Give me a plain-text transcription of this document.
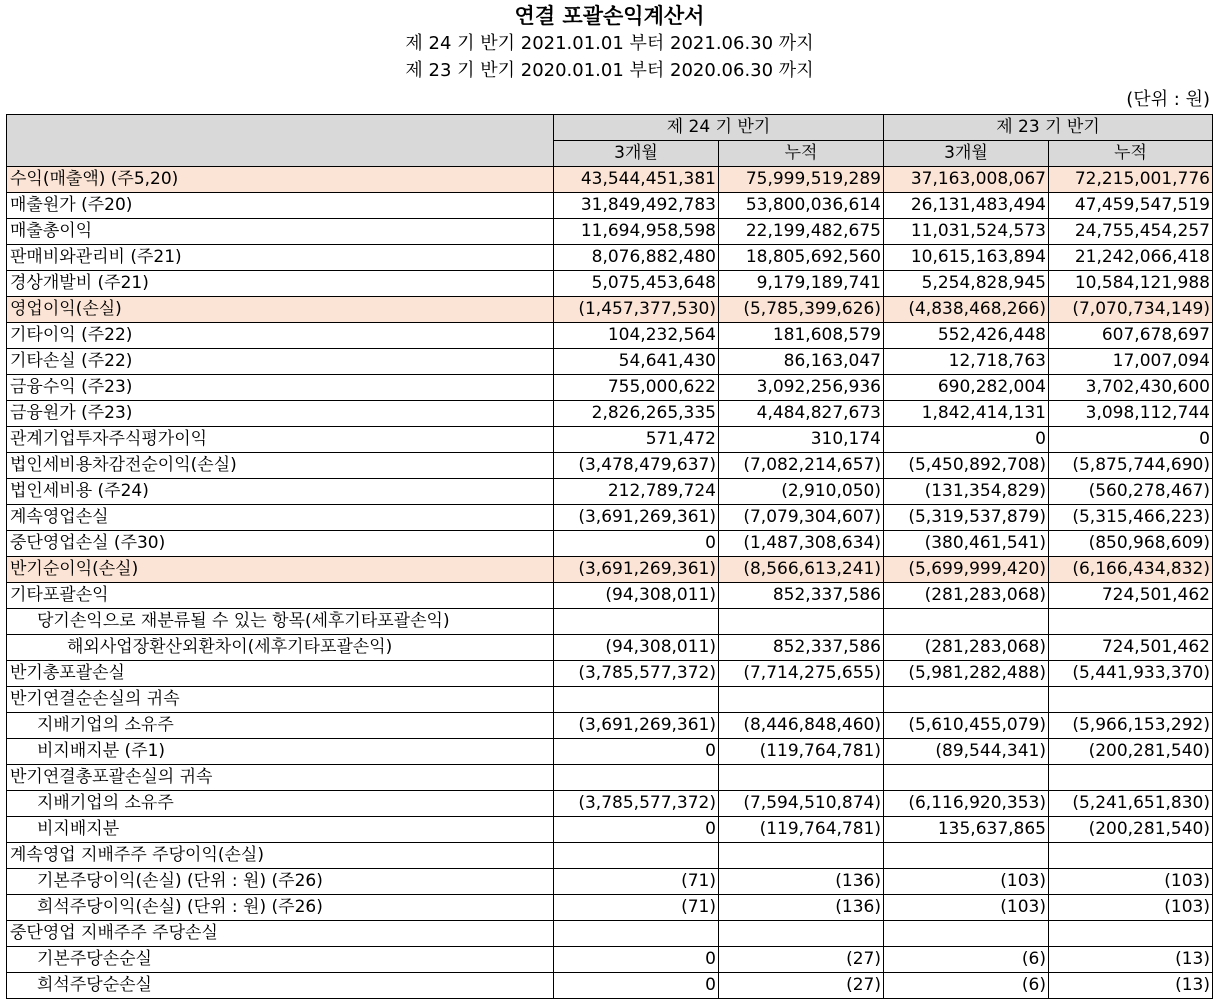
연결 포괄손익계산서
제 24 기 반기 2021.01.01 부터 2021.06.30 까지
제 23 기 반기 2020.01.01 부터 2020.06.30 까지
(단위 : 원)
	제 24 기 반기		제 23 기 반기	
	3개월	누적	3개월	누적
수익(매출액) (주5,20)	43,544,451,381	75,999,519,289	37,163,008,067	72,215,001,776
매출원가 (주20)	31,849,492,783	53,800,036,614	26,131,483,494	47,459,547,519
매출총이익	11,694,958,598	22,199,482,675	11,031,524,573	24,755,454,257
판매비와관리비 (주21)	8,076,882,480	18,805,692,560	10,615,163,894	21,242,066,418
경상개발비 (주21)	5,075,453,648	9,179,189,741	5,254,828,945	10,584,121,988
영업이익(손실)	(1,457,377,530)	(5,785,399,626)	(4,838,468,266)	(7,070,734,149)
기타이익 (주22)	104,232,564	181,608,579	552,426,448	607,678,697
기타손실 (주22)	54,641,430	86,163,047	12,718,763	17,007,094
금융수익 (주23)	755,000,622	3,092,256,936	690,282,004	3,702,430,600
금융원가 (주23)	2,826,265,335	4,484,827,673	1,842,414,131	3,098,112,744
관계기업투자주식평가이익	571,472	310,174	0	0
법인세비용차감전순이익(손실)	(3,478,479,637)	(7,082,214,657)	(5,450,892,708)	(5,875,744,690)
법인세비용 (주24)	212,789,724	(2,910,050)	(131,354,829)	(560,278,467)
계속영업손실	(3,691,269,361)	(7,079,304,607)	(5,319,537,879)	(5,315,466,223)
중단영업손실 (주30)	0	(1,487,308,634)	(380,461,541)	(850,968,609)
반기순이익(손실)	(3,691,269,361)	(8,566,613,241)	(5,699,999,420)	(6,166,434,832)
기타포괄손익	(94,308,011)	852,337,586	(281,283,068)	724,501,462
당기손익으로 재분류될 수 있는 항목(세후기타포괄손익)				
해외사업장환산외환차이(세후기타포괄손익)	(94,308,011)	852,337,586	(281,283,068)	724,501,462
반기총포괄손실	(3,785,577,372)	(7,714,275,655)	(5,981,282,488)	(5,441,933,370)
반기연결순손실의 귀속				
지배기업의 소유주	(3,691,269,361)	(8,446,848,460)	(5,610,455,079)	(5,966,153,292)
비지배지분 (주1)	0	(119,764,781)	(89,544,341)	(200,281,540)
반기연결총포괄손실의 귀속				
지배기업의 소유주	(3,785,577,372)	(7,594,510,874)	(6,116,920,353)	(5,241,651,830)
비지배지분	0	(119,764,781)	135,637,865	(200,281,540)
계속영업 지배주주 주당이익(손실)				
기본주당이익(손실) (단위 : 원) (주26)	(71)	(136)	(103)	(103)
희석주당이익(손실) (단위 : 원) (주26)	(71)	(136)	(103)	(103)
중단영업 지배주주 주당손실				
기본주당손순실	0	(27)	(6)	(13)
희석주당순손실	0	(27)	(6)	(13)
